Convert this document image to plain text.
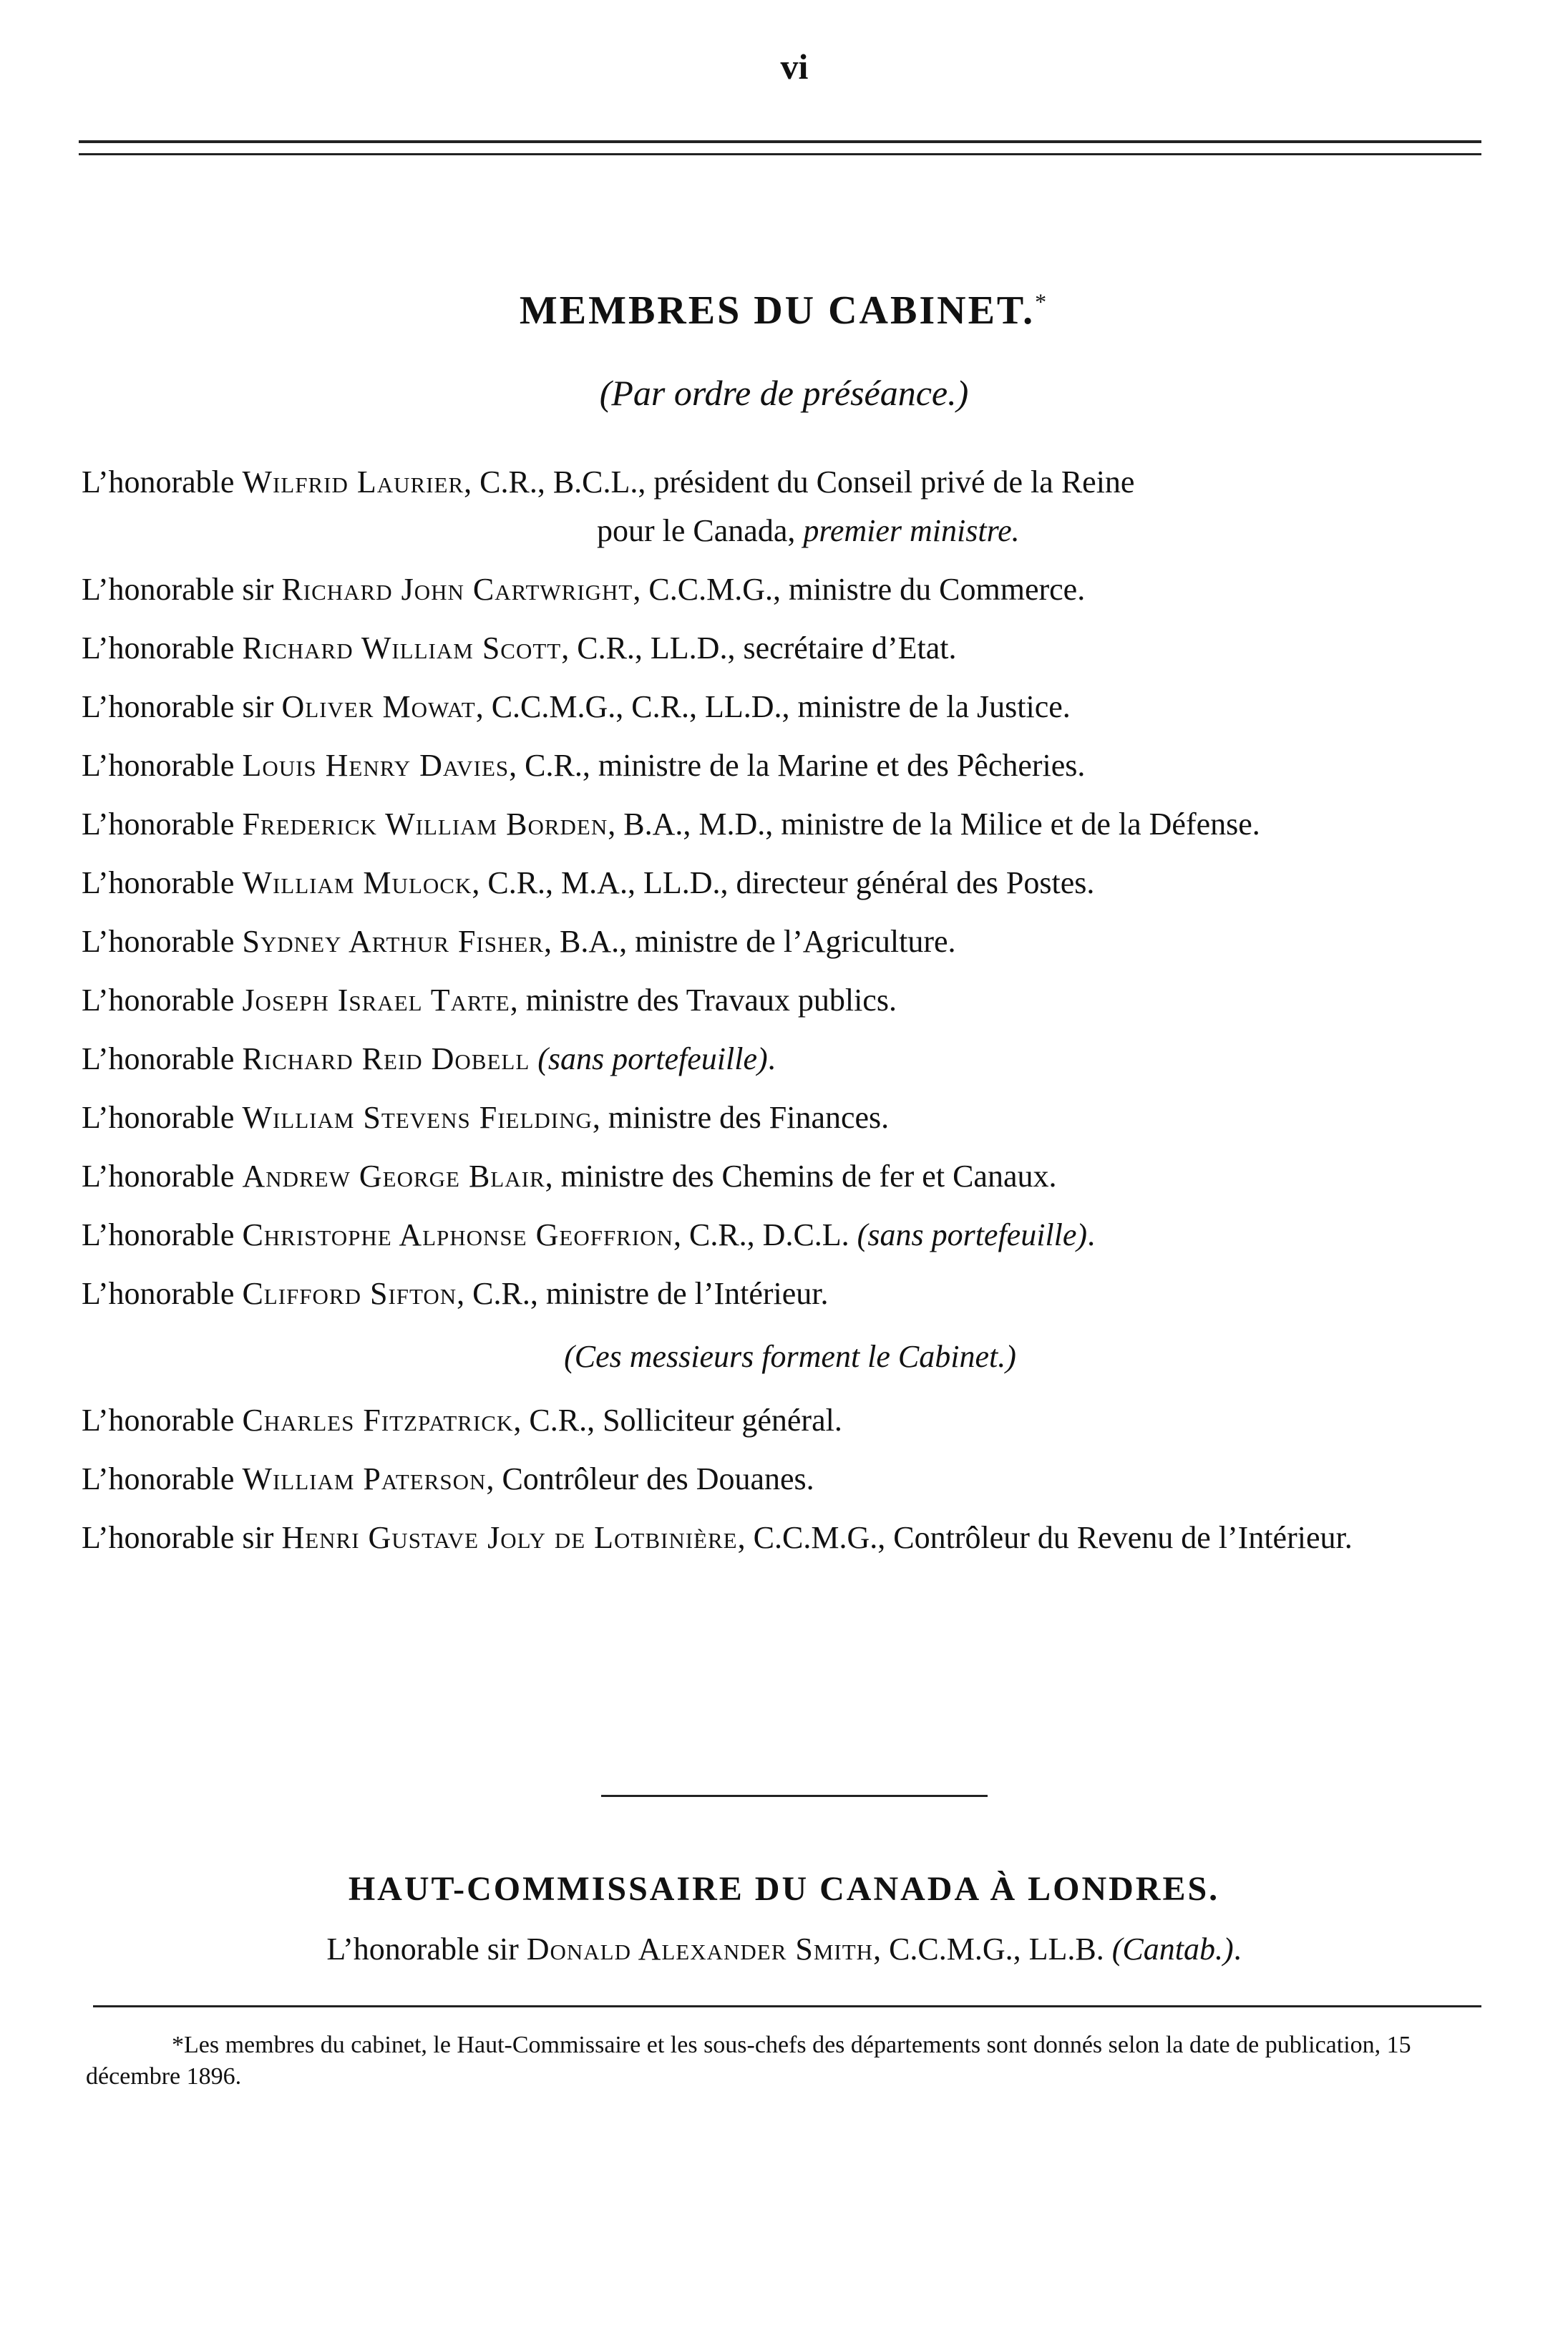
vi
MEMBRES DU CABINET.*
(Par ordre de préséance.)

L’honorable Wilfrid Laurier, C.R., B.C.L., président du Conseil privé de la Reine
pour le Canada, premier ministre.

L’honorable sir Richard John Cartwright, C.C.M.G., ministre du Commerce.

L’honorable Richard William Scott, C.R., LL.D., secrétaire d’Etat.

L’honorable sir Oliver Mowat, C.C.M.G., C.R., LL.D., ministre de la Justice.

L’honorable Louis Henry Davies, C.R., ministre de la Marine et des Pêcheries.

L’honorable Frederick William Borden, B.A., M.D., ministre de la Milice et de la Défense.

L’honorable William Mulock, C.R., M.A., LL.D., directeur général des Postes.

L’honorable Sydney Arthur Fisher, B.A., ministre de l’Agriculture.

L’honorable Joseph Israel Tarte, ministre des Travaux publics.

L’honorable Richard Reid Dobell (sans portefeuille).

L’honorable William Stevens Fielding, ministre des Finances.

L’honorable Andrew George Blair, ministre des Chemins de fer et Canaux.

L’honorable Christophe Alphonse Geoffrion, C.R., D.C.L. (sans portefeuille).

L’honorable Clifford Sifton, C.R., ministre de l’Intérieur.

(Ces messieurs forment le Cabinet.)

L’honorable Charles Fitzpatrick, C.R., Solliciteur général.

L’honorable William Paterson, Contrôleur des Douanes.

L’honorable sir Henri Gustave Joly de Lotbinière, C.C.M.G., Contrôleur du Revenu de l’Intérieur.

HAUT-COMMISSAIRE DU CANADA À LONDRES.
L’honorable sir Donald Alexander Smith, C.C.M.G., LL.B. (Cantab.).
*Les membres du cabinet, le Haut-Commissaire et les sous-chefs des départements sont donnés selon la date de publication, 15 décembre 1896.
